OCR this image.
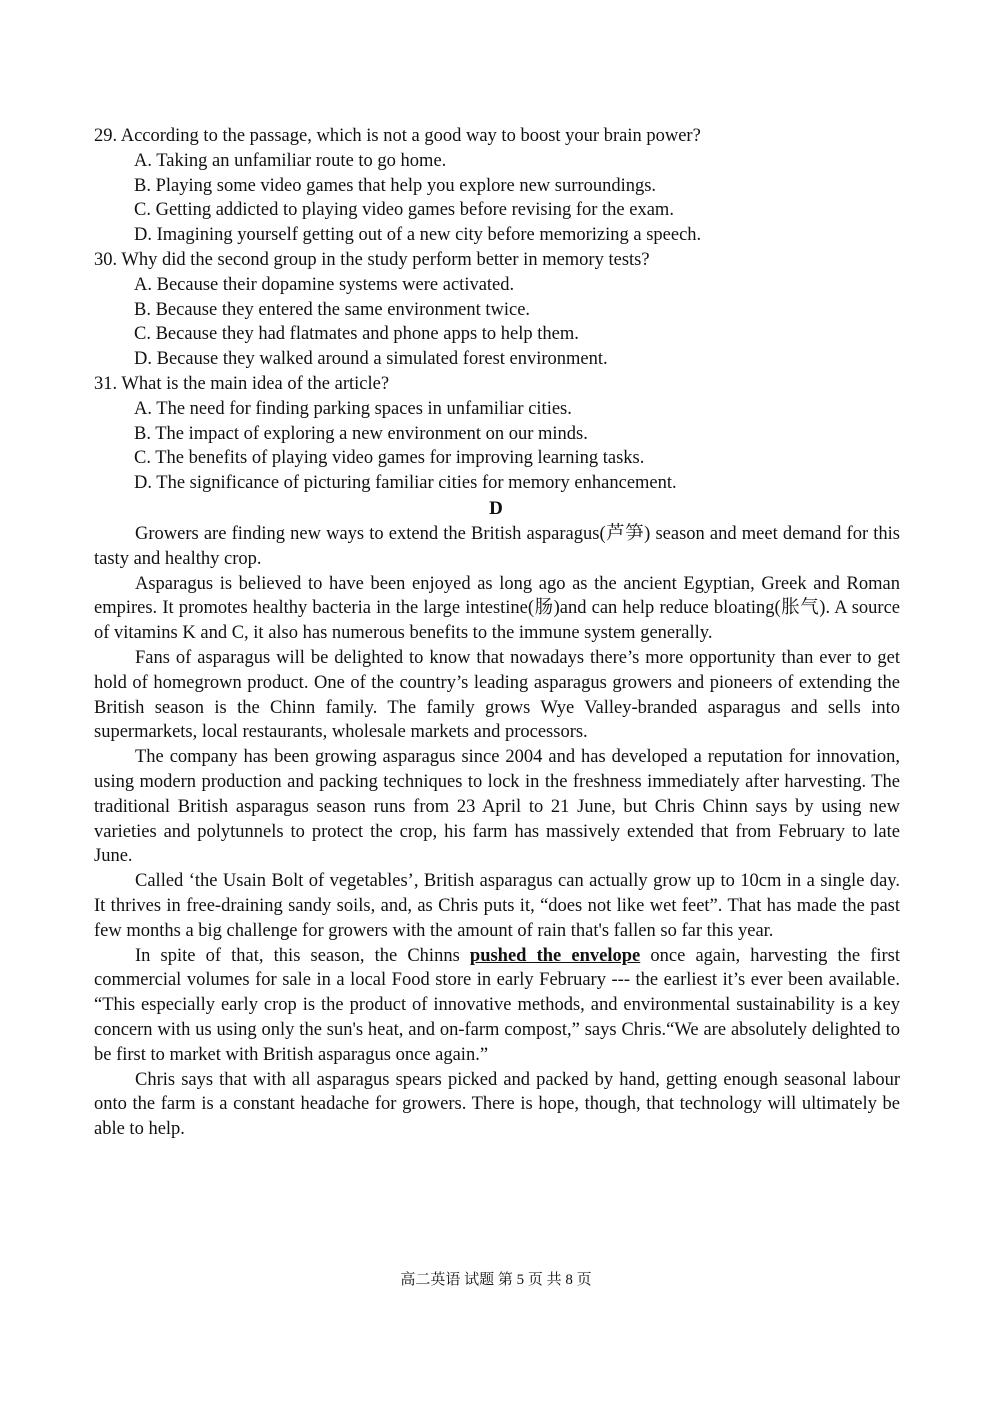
29. According to the passage, which is not a good way to boost your brain power?

A. Taking an unfamiliar route to go home.

B. Playing some video games that help you explore new surroundings.

C. Getting addicted to playing video games before revising for the exam.

D. Imagining yourself getting out of a new city before memorizing a speech.

30. Why did the second group in the study perform better in memory tests?

A. Because their dopamine systems were activated.

B. Because they entered the same environment twice.

C. Because they had flatmates and phone apps to help them.

D. Because they walked around a simulated forest environment.

31. What is the main idea of the article?

A. The need for finding parking spaces in unfamiliar cities.

B. The impact of exploring a new environment on our minds.

C. The benefits of playing video games for improving learning tasks.

D. The significance of picturing familiar cities for memory enhancement.

D

Growers are finding new ways to extend the British asparagus(芦笋) season and meet demand for this tasty and healthy crop.

Asparagus is believed to have been enjoyed as long ago as the ancient Egyptian, Greek and Roman empires. It promotes healthy bacteria in the large intestine(肠)and can help reduce bloating(胀气). A source of vitamins K and C, it also has numerous benefits to the immune system generally.

Fans of asparagus will be delighted to know that nowadays there’s more opportunity than ever to get hold of homegrown product. One of the country’s leading asparagus growers and pioneers of extending the British season is the Chinn family. The family grows Wye Valley-branded asparagus and sells into supermarkets, local restaurants, wholesale markets and processors.

The company has been growing asparagus since 2004 and has developed a reputation for innovation, using modern production and packing techniques to lock in the freshness immediately after harvesting. The traditional British asparagus season runs from 23 April to 21 June, but Chris Chinn says by using new varieties and polytunnels to protect the crop, his farm has massively extended that from February to late June.

Called ‘the Usain Bolt of vegetables’, British asparagus can actually grow up to 10cm in a single day. It thrives in free-draining sandy soils, and, as Chris puts it, “does not like wet feet”. That has made the past few months a big challenge for growers with the amount of rain that's fallen so far this year.

In spite of that, this season, the Chinns pushed the envelope once again, harvesting the first commercial volumes for sale in a local Food store in early February --- the earliest it’s ever been available. “This especially early crop is the product of innovative methods, and environmental sustainability is a key concern with us using only the sun's heat, and on-farm compost,” says Chris.“We are absolutely delighted to be first to market with British asparagus once again.”

Chris says that with all asparagus spears picked and packed by hand, getting enough seasonal labour onto the farm is a constant headache for growers. There is hope, though, that technology will ultimately be able to help.

高二英语 试题 第 5 页 共 8 页
